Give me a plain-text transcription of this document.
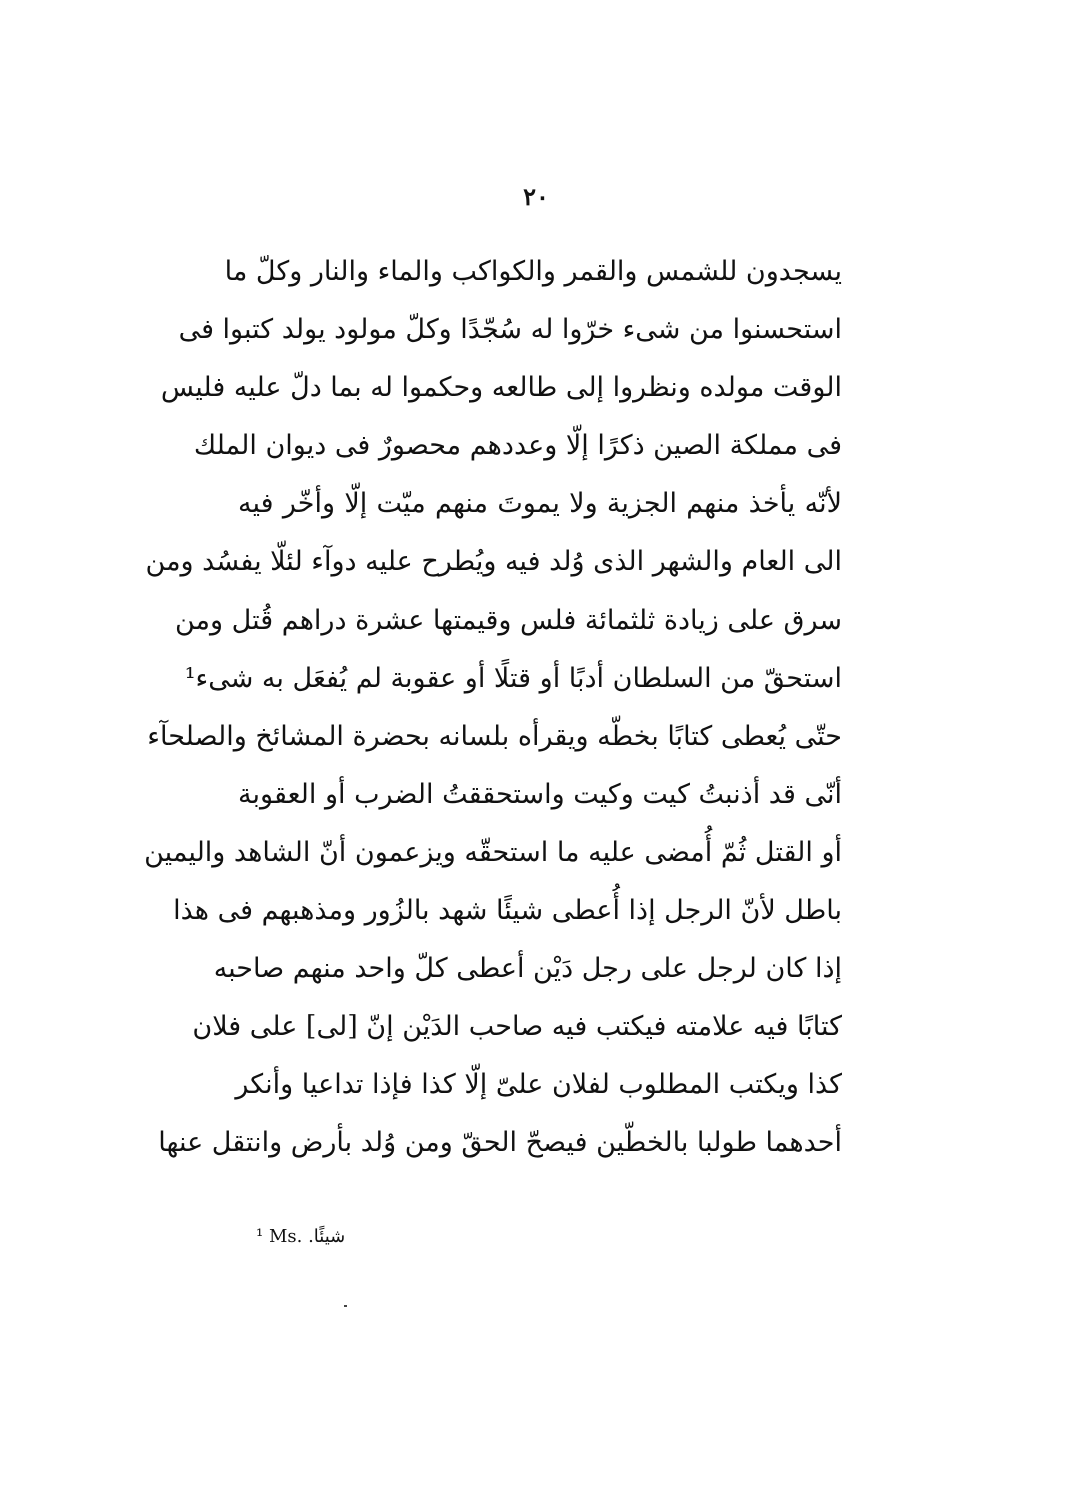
٢٠
يسجدون للشمس والقمر والكواكب والماء والنار وكلّ ما
استحسنوا من شىء خرّوا له سُجّدًا وكلّ مولود يولد كتبوا فى
الوقت مولده ونظروا إلى طالعه وحكموا له بما دلّ عليه فليس
فى مملكة الصين ذكرًا إلّا وعددهم محصورٌ فى ديوان الملك
لأنّه يأخذ منهم الجزية ولا يموتَ منهم ميّت إلّا وأخّر فيه
الى العام والشهر الذى وُلد فيه ويُطرح عليه دوآء لئلّا يفسُد ومن
سرق على زيادة ثلثمائة فلس وقيمتها عشرة دراهم قُتل ومن
استحقّ من السلطان أدبًا أو قتلًا أو عقوبة لم يُفعَل به شىء¹
حتّى يُعطى كتابًا بخطّه ويقرأه بلسانه بحضرة المشائخ والصلحآء
أنّى قد أذنبتُ كيت وكيت واستحققتُ الضرب أو العقوبة
أو القتل ثُمّ أُمضى عليه ما استحقّه ويزعمون أنّ الشاهد واليمين
باطل لأنّ الرجل إذا أُعطى شيئًا شهد بالزُور ومذهبهم فى هذا
إذا كان لرجل على رجل دَيْن أعطى كلّ واحد منهم صاحبه
كتابًا فيه علامته فيكتب فيه صاحب الدَيْن إنّ [لى] على فلان
كذا ويكتب المطلوب لفلان علىّ إلّا كذا فإذا تداعيا وأنكر
أحدهما طولبا بالخطّين فيصحّ الحقّ ومن وُلد بأرض وانتقل عنها
¹ Ms. شيئًا.
